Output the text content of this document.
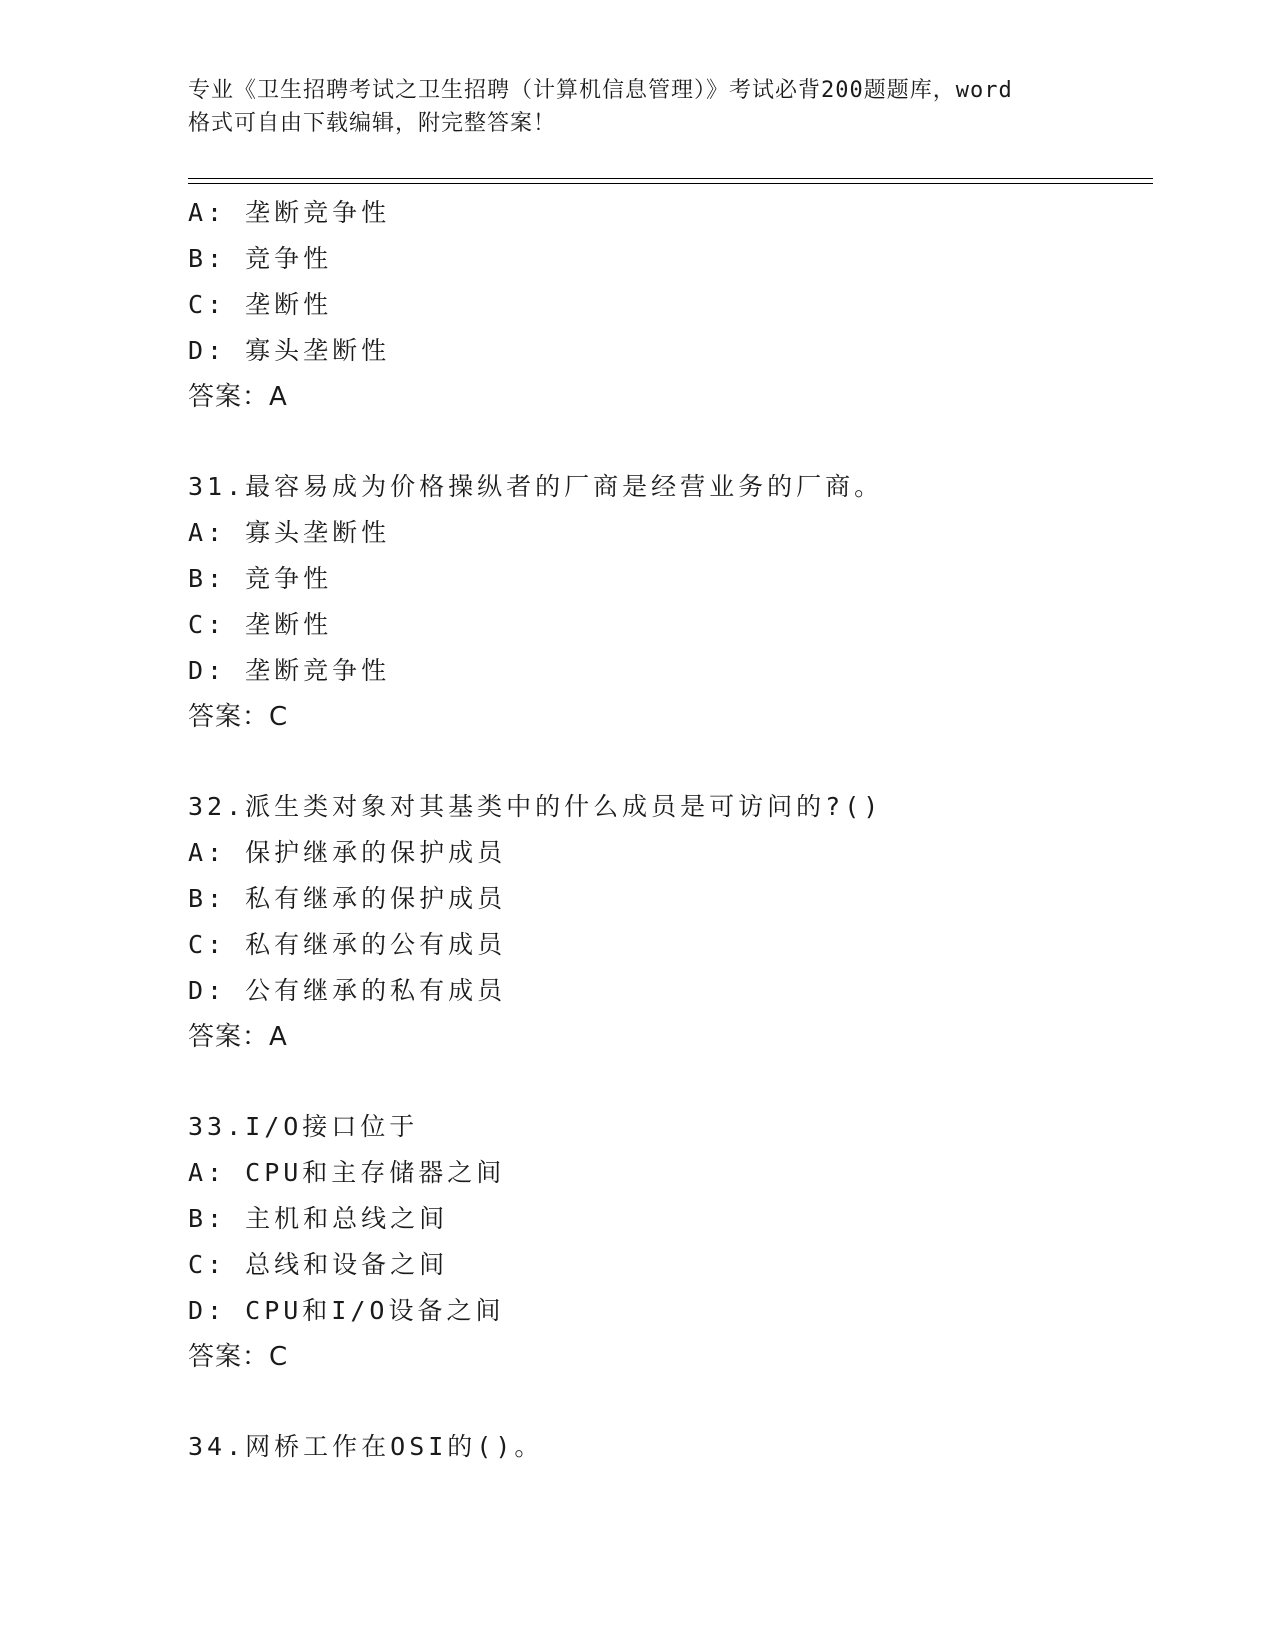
专业《卫生招聘考试之卫生招聘（计算机信息管理）》考试必背200题题库，word
格式可自由下载编辑，附完整答案！
A: 垄断竞争性
B: 竞争性
C: 垄断性
D: 寡头垄断性
答案：A
31.最容易成为价格操纵者的厂商是经营业务的厂商。
A: 寡头垄断性
B: 竞争性
C: 垄断性
D: 垄断竞争性
答案：C
32.派生类对象对其基类中的什么成员是可访问的?()
A: 保护继承的保护成员
B: 私有继承的保护成员
C: 私有继承的公有成员
D: 公有继承的私有成员
答案：A
33.I/O接口位于
A: CPU和主存储器之间
B: 主机和总线之间
C: 总线和设备之间
D: CPU和I/O设备之间
答案：C
34.网桥工作在OSI的()。
